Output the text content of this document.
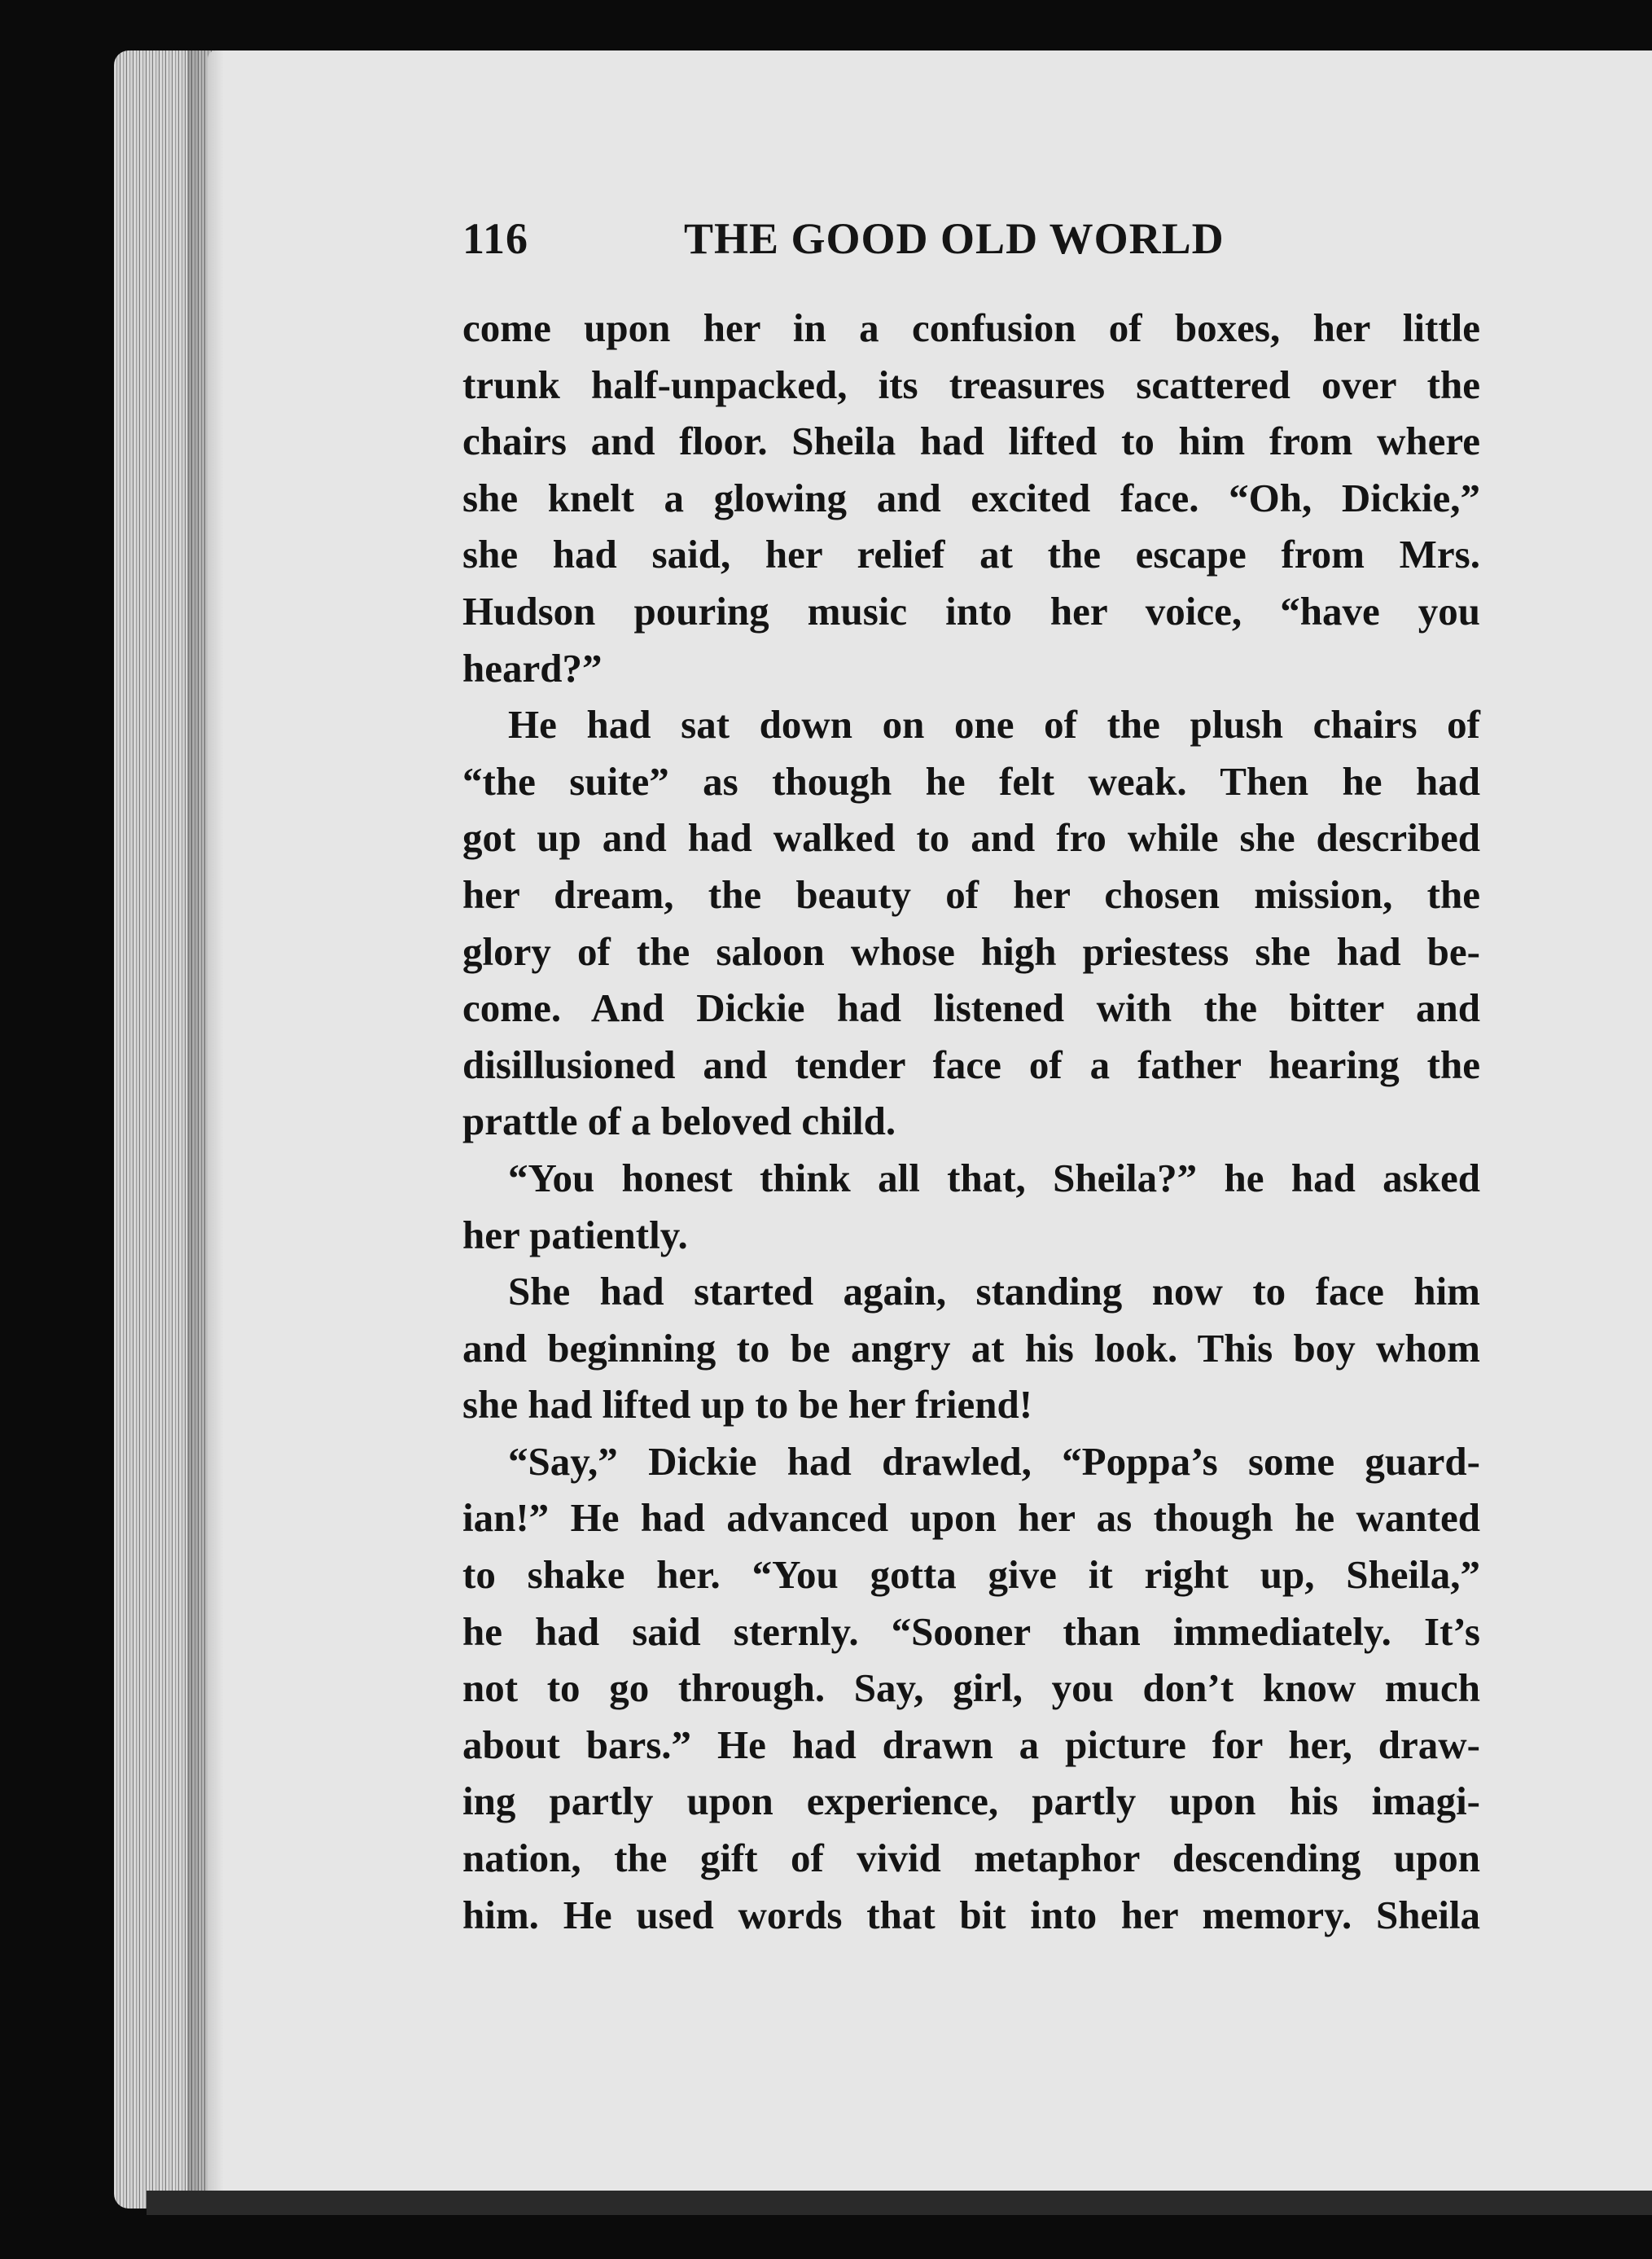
116	THE GOOD OLD WORLD
come upon her in a confusion of boxes, her little
trunk half-unpacked, its treasures scattered over the
chairs and floor. Sheila had lifted to him from where
she knelt a glowing and excited face. “Oh, Dickie,”
she had said, her relief at the escape from Mrs.
Hudson pouring music into her voice, “have you
heard?”
He had sat down on one of the plush chairs of
“the suite” as though he felt weak. Then he had
got up and had walked to and fro while she described
her dream, the beauty of her chosen mission, the
glory of the saloon whose high priestess she had be-
come. And Dickie had listened with the bitter and
disillusioned and tender face of a father hearing the
prattle of a beloved child.
“You honest think all that, Sheila?” he had asked
her patiently.
She had started again, standing now to face him
and beginning to be angry at his look. This boy whom
she had lifted up to be her friend!
“Say,” Dickie had drawled, “Poppa’s some guard-
ian!” He had advanced upon her as though he wanted
to shake her. “You gotta give it right up, Sheila,”
he had said sternly. “Sooner than immediately. It’s
not to go through. Say, girl, you don’t know much
about bars.” He had drawn a picture for her, draw-
ing partly upon experience, partly upon his imagi-
nation, the gift of vivid metaphor descending upon
him. He used words that bit into her memory. Sheila
